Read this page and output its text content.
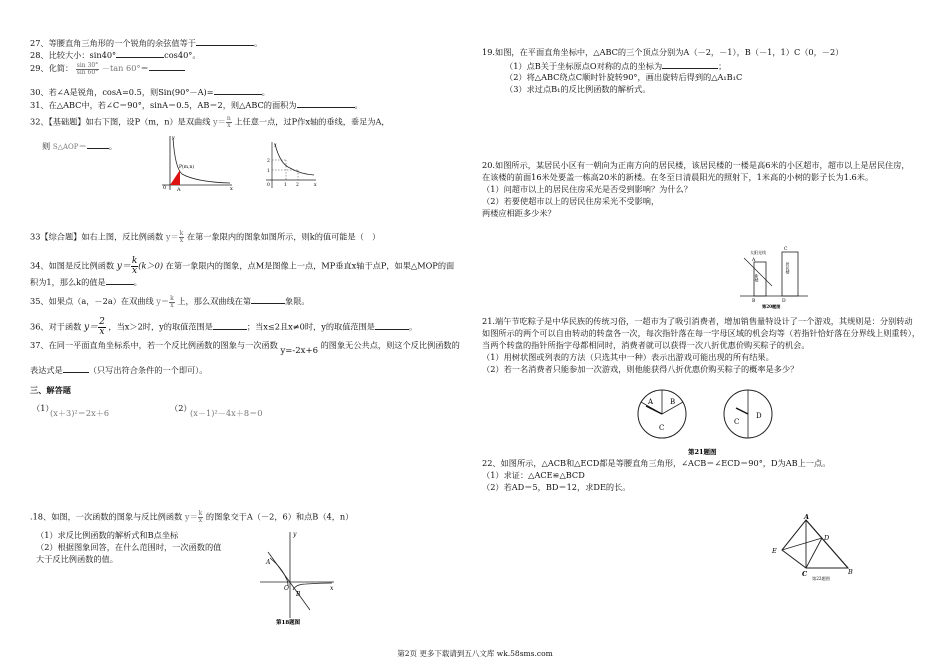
27、等腰直角三角形的一个锐角的余弦值等于	。
28、比较大小：sin40°	cos40°。
29、化简： $\frac{\sin 30^\circ}{\sin 60^\circ} -\tan$ 60°＝
30、若∠A是锐角，cosA=0.5，则Sin(90°－A)=	。
31、在△ABC中，若∠C＝90°，sinA＝0.5，AB＝2，则△ABC的面积为	。
32、【基础题】如右下图，设P（m，n）是双曲线 $y= \frac{n}{x}$ 上任意一点，过P作x轴的垂线，垂足为A，
则 S△AOP＝	。
P(m,n)
0 A	x
y
0	1 2
1
2
x
y
33【综合题】如右上图，反比例函数 $y= \frac{k}{x}$ 在第一象限内的图象如图所示，则k的值可能是（　）
34、如图是反比例函数 $y= \frac{k}{x} (k>0)$ 在第一象限内的图象，点M是图像上一点，MP垂直x轴于点P，如果△MOP的面
积为1，那么k的值是	。
35、如果点（a，－2a）在双曲线 $y= \frac{k}{x}$ 上，那么双曲线在第	象限。
36、对于函数 $y= \frac{2}{x}$ ，当x＞2时，y的取值范围是	；当x≤2且x≠0时，y的取值范围是	。
37、在同一平面直角坐标系中，若一个反比例函数的图象与一次函数 y=-2x+6 的图象无公共点，则这个反比例函数的
表达式是	（只写出符合条件的一个即可）。
三、解答题
（1）
(x＋3)²＝2x＋6	（2）
(x－1)²－4x＋8＝0
.18、如图，一次函数的图象与反比例函数 $y= \frac{k}{x}$ 的图象交于A（－2，6）和点B（4，n）
（1）求反比例函数的解析式和B点坐标
（2）根据图象回答，在什么范围时，一次函数的值
大于反比例函数的值。
y
x
A
O
B
第18题图
19.如图，在平面直角坐标中，△ABC的三个顶点分别为A（－2，－1），B（－1，1）C（0，－2）
（1）点B关于坐标原点O对称的点的坐标为	；
（2）将△ABC绕点C顺时针旋转90°，画出旋转后得到的△A₁B₁C
（3）求过点B₁的反比例函数的解析式。
20.如图所示，某居民小区有一朝向为正南方向的居民楼，该居民楼的一楼是高6米的小区超市，超市以上是居民住房，
在该楼的前面16米处要盖一栋高20米的新楼。在冬至日清晨阳光的照射下，1米高的小树的影子长为1.6米。
（1）问超市以上的居民住房采光是否受到影响？为什么？
（2）若要使超市以上的居民住房采光不受影响，
两楼应相距多少米？
太阳光线
新楼
居民楼
C
A
B	D
第20题图
21.端午节吃粽子是中华民族的传统习俗，一超市为了吸引消费者，增加销售量特设计了一个游戏，其规则是：分别转动
如图所示的两个可以自由转动的转盘各一次，每次指针落在每一字母区域的机会均等（若指针恰好落在分界线上则重转），
当两个转盘的指针所指字母都相同时，消费者就可以获得一次八折优惠价购买粽子的机会。
（1）用树状图或列表的方法（只选其中一种）表示出游戏可能出现的所有结果。
（2）若一名消费者只能参加一次游戏，则他能获得八折优惠价购买粽子的概率是多少？
A B
C
C
D
第21题图
22、如图所示，△ACB和△ECD都是等腰直角三角形，∠ACB＝∠ECD＝90°，D为AB上一点。
（1）求证：△ACE≌△BCD
（2）若AD＝5，BD＝12，求DE的长。
A
E
D
C	B
第22题图
第2页 更多下载请到五八文库 wk.58sms.com
